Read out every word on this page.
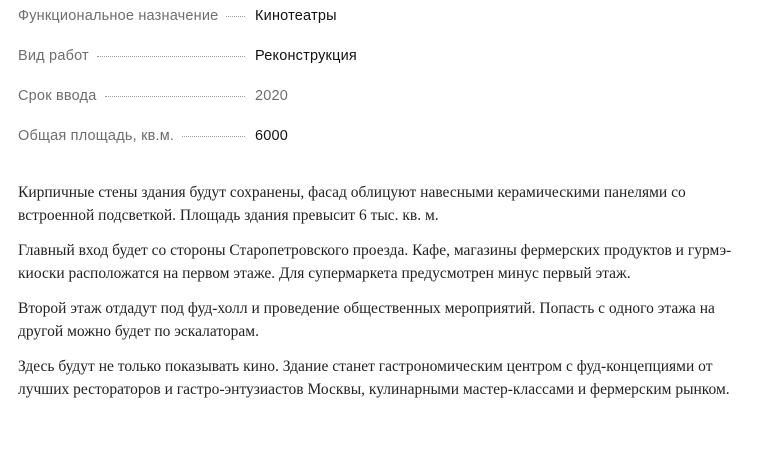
Функциональное назначение	Кинотеатры
Вид работ	Реконструкция
Срок ввода	2020
Общая площадь, кв.м.	6000

Кирпичные стены здания будут сохранены, фасад облицуют навесными керамическими панелями со встроенной подсветкой. Площадь здания превысит 6 тыс. кв. м.

Главный вход будет со стороны Старопетровского проезда. Кафе, магазины фермерских продуктов и гурмэ-киоски расположатся на первом этаже. Для супермаркета предусмотрен минус первый этаж.

Второй этаж отдадут под фуд-холл и проведение общественных мероприятий. Попасть с одного этажа на другой можно будет по эскалаторам.

Здесь будут не только показывать кино. Здание станет гастрономическим центром с фуд-концепциями от лучших рестораторов и гастро-энтузиастов Москвы, кулинарными мастер-классами и фермерским рынком.
